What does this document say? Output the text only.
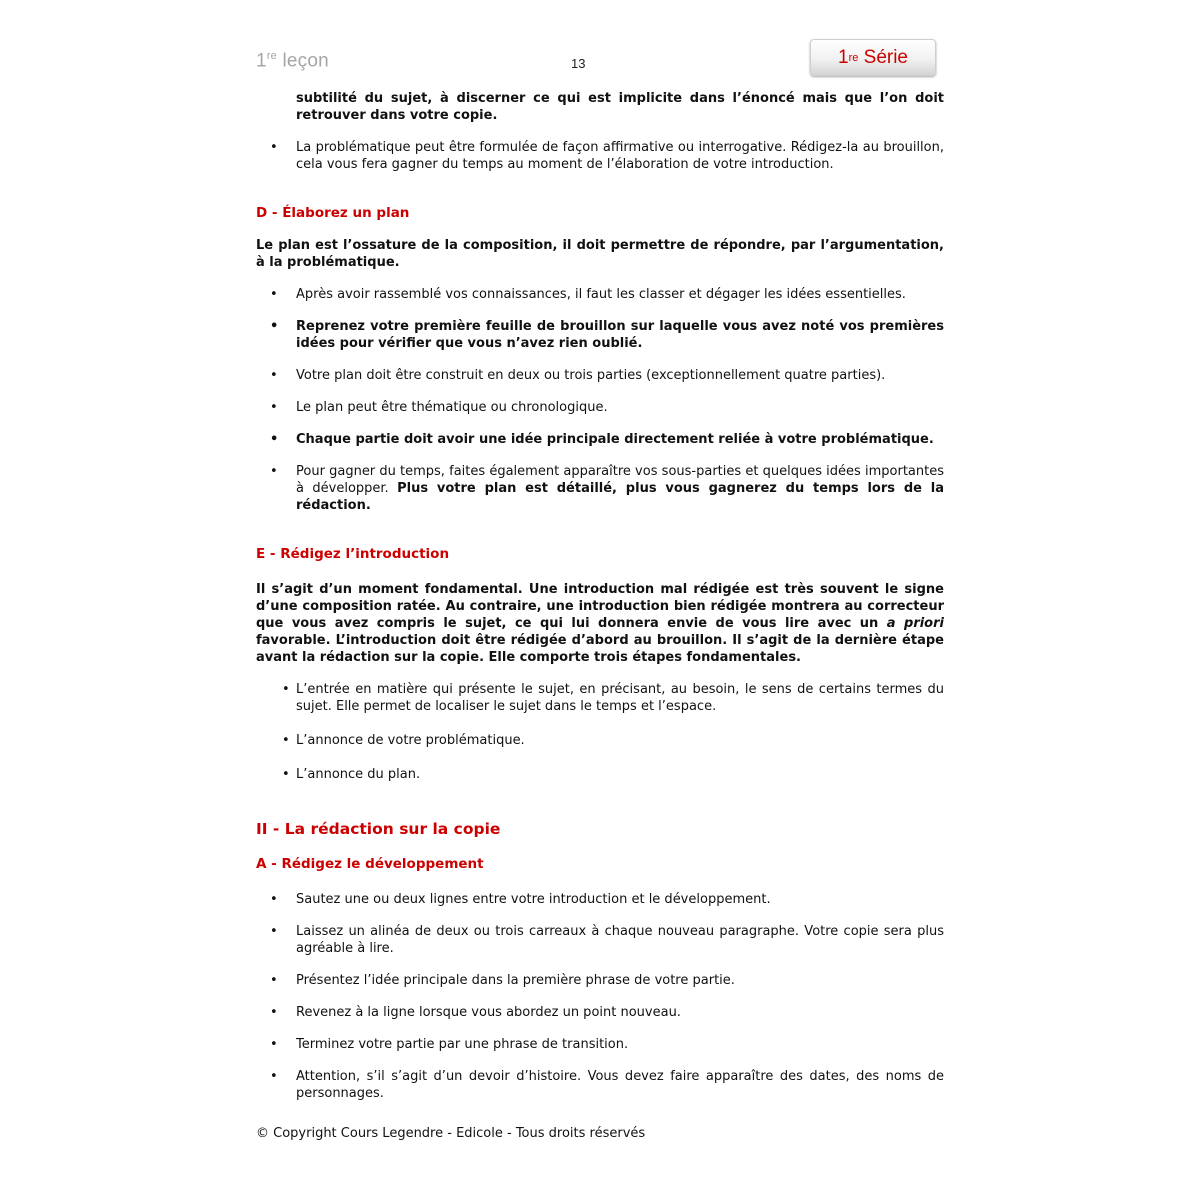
1re leçon	13	1 re
Série

subtilité du sujet, à discerner ce qui est implicite dans l’énoncé mais que l’on doit retrouver dans votre copie.

• La problématique peut être formulée de façon affirmative ou interrogative. Rédigez-la au brouillon, cela vous fera gagner du temps au moment de l’élaboration de votre introduction.
D - Élaborez un plan

Le plan est l’ossature de la composition, il doit permettre de répondre, par l’argumentation, à la problématique.

• Après avoir rassemblé vos connaissances, il faut les classer et dégager les idées essentielles.
• Reprenez votre première feuille de brouillon sur laquelle vous avez noté vos premières idées pour vérifier que vous n’avez rien oublié.
• Votre plan doit être construit en deux ou trois parties (exceptionnellement quatre parties).
• Le plan peut être thématique ou chronologique.
• Chaque partie doit avoir une idée principale directement reliée à votre problématique.
• Pour gagner du temps, faites également apparaître vos sous-parties et quelques idées importantes à développer. Plus votre plan est détaillé, plus vous gagnerez du temps lors de la rédaction.
E - Rédigez l’introduction

Il s’agit d’un moment fondamental. Une introduction mal rédigée est très souvent le signe d’une composition ratée. Au contraire, une introduction bien rédigée montrera au correcteur que vous avez compris le sujet, ce qui lui donnera envie de vous lire avec un a priori favorable. L’introduction doit être rédigée d’abord au brouillon. Il s’agit de la dernière étape avant la rédaction sur la copie. Elle comporte trois étapes fondamentales.

• L’entrée en matière qui présente le sujet, en précisant, au besoin, le sens de certains termes du sujet. Elle permet de localiser le sujet dans le temps et l’espace.
• L’annonce de votre problématique.
• L’annonce du plan.
II - La rédaction sur la copie
A - Rédigez le développement
• Sautez une ou deux lignes entre votre introduction et le développement.
• Laissez un alinéa de deux ou trois carreaux à chaque nouveau paragraphe. Votre copie sera plus agréable à lire.
• Présentez l’idée principale dans la première phrase de votre partie.
• Revenez à la ligne lorsque vous abordez un point nouveau.
• Terminez votre partie par une phrase de transition.
• Attention, s’il s’agit d’un devoir d’histoire. Vous devez faire apparaître des dates, des noms de personnages.
© Copyright Cours Legendre - Edicole - Tous droits réservés
